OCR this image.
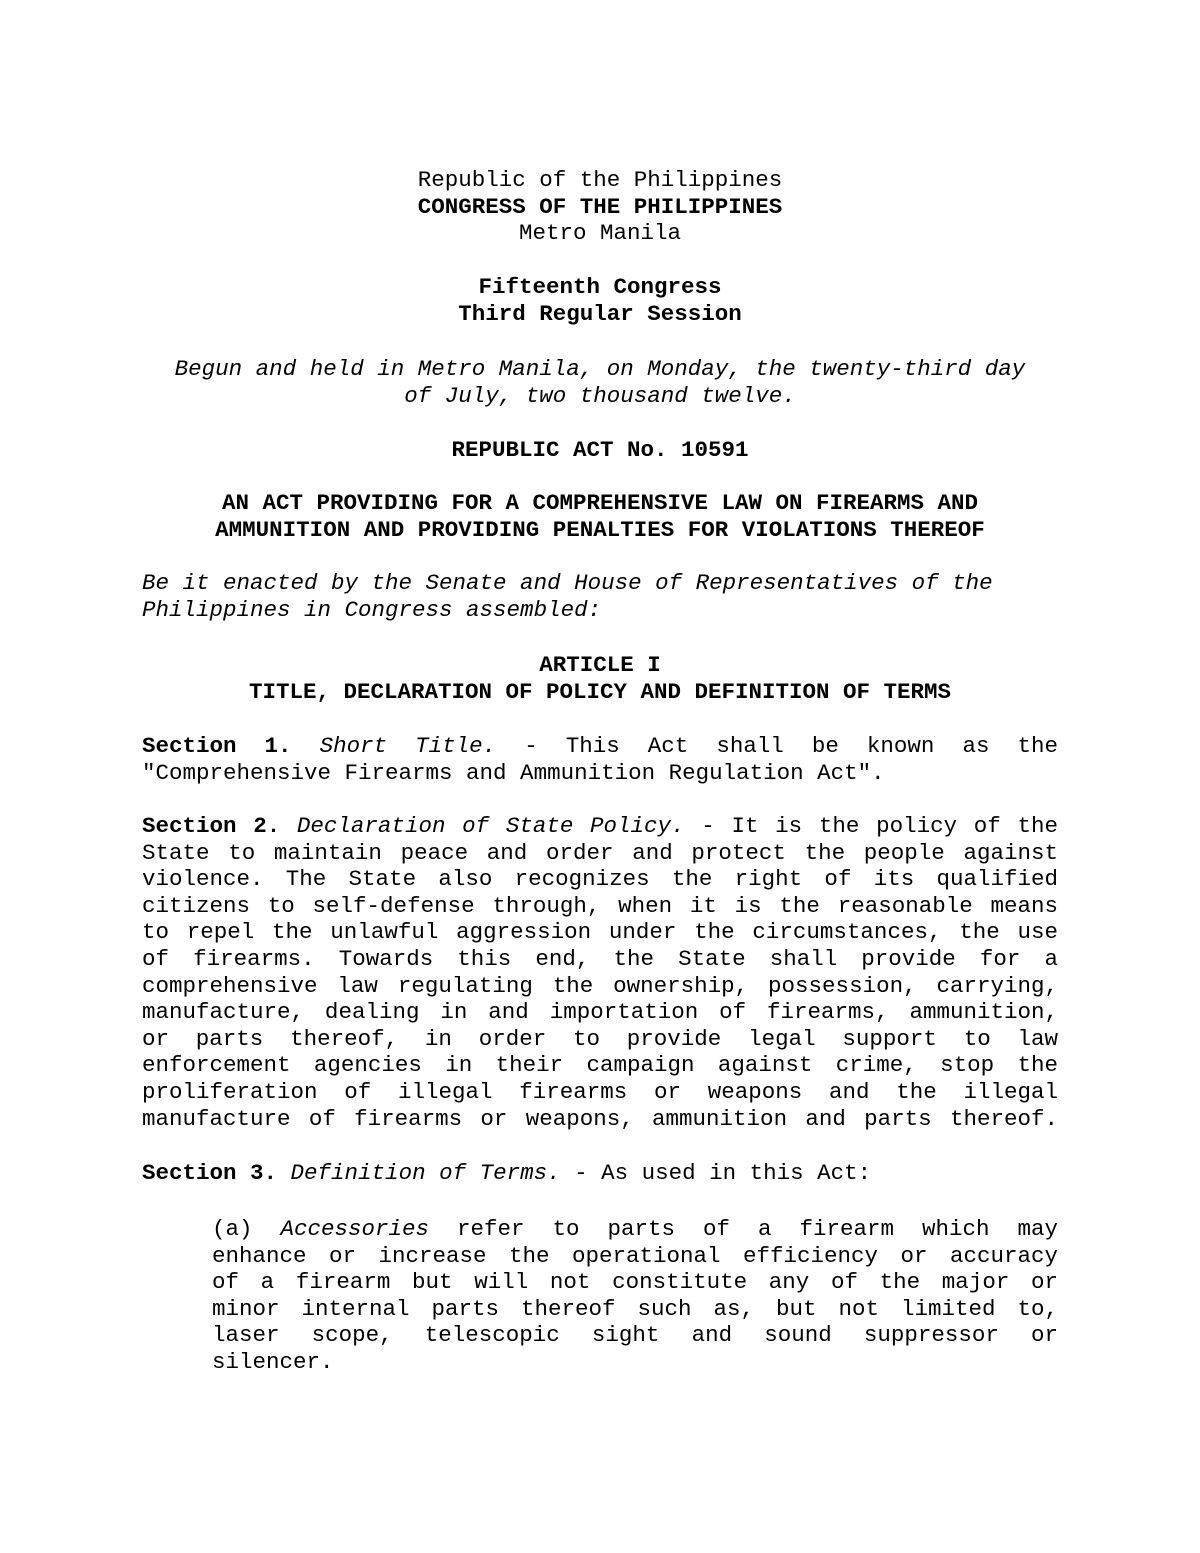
Republic of the Philippines
CONGRESS OF THE PHILIPPINES
Metro Manila
Fifteenth Congress
Third Regular Session
Begun and held in Metro Manila, on Monday, the twenty-third day
of July, two thousand twelve.
REPUBLIC ACT No. 10591
AN ACT PROVIDING FOR A COMPREHENSIVE LAW ON FIREARMS AND
AMMUNITION AND PROVIDING PENALTIES FOR VIOLATIONS THEREOF
Be it enacted by the Senate and House of Representatives of the
Philippines in Congress assembled:
ARTICLE I
TITLE, DECLARATION OF POLICY AND DEFINITION OF TERMS
Section 1. Short Title. - This Act shall be known as the
"Comprehensive Firearms and Ammunition Regulation Act".
Section 2. Declaration of State Policy. - It is the policy of the
State to maintain peace and order and protect the people against
violence. The State also recognizes the right of its qualified
citizens to self-defense through, when it is the reasonable means
to repel the unlawful aggression under the circumstances, the use
of firearms. Towards this end, the State shall provide for a
comprehensive law regulating the ownership, possession, carrying,
manufacture, dealing in and importation of firearms, ammunition,
or parts thereof, in order to provide legal support to law
enforcement agencies in their campaign against crime, stop the
proliferation of illegal firearms or weapons and the illegal
manufacture of firearms or weapons, ammunition and parts thereof.
Section 3. Definition of Terms. - As used in this Act:
(a) Accessories refer to parts of a firearm which may
enhance or increase the operational efficiency or accuracy
of a firearm but will not constitute any of the major or
minor internal parts thereof such as, but not limited to,
laser scope, telescopic sight and sound suppressor or
silencer.
